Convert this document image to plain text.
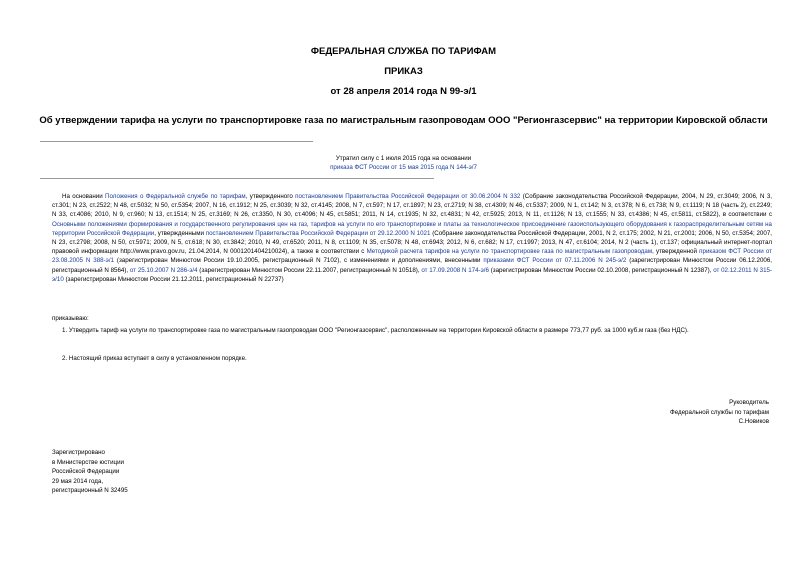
ФЕДЕРАЛЬНАЯ СЛУЖБА ПО ТАРИФАМ
ПРИКАЗ
от 28 апреля 2014 года N 99-э/1
Об утверждении тарифа на услуги по транспортировке газа по магистральным газопроводам ООО "Регионгазсервис" на территории Кировской области
Утратил силу с 1 июля 2015 года на основании
приказа ФСТ России от 15 мая 2015 года N 144-э/7
На основании Положения о Федеральной службе по тарифам, утвержденного постановлением Правительства Российской Федерации от 30.06.2004 N 332 (Собрание законодательства Российской Федерации, 2004, N 29, ст.3049; 2006, N 3, ст.301; N 23, ст.2522; N 48, ст.5032; N 50, ст.5354; 2007, N 16, ст.1912; N 25, ст.3039; N 32, ст.4145; 2008, N 7, ст.597; N 17, ст.1897; N 23, ст.2719; N 38, ст.4309; N 46, ст.5337; 2009, N 1, ст.142; N 3, ст.378; N 6, ст.738; N 9, ст.1119; N 18 (часть 2), ст.2249; N 33, ст.4086; 2010, N 9, ст.960; N 13, ст.1514; N 25, ст.3169; N 26, ст.3350, N 30, ст.4096; N 45, ст.5851; 2011, N 14, ст.1935; N 32, ст.4831; N 42, ст.5925; 2013, N 11, ст.1126; N 13, ст.1555; N 33, ст.4386; N 45, ст.5811, ст.5822), в соответствии с Основными положениями формирования и государственного регулирования цен на газ, тарифов на услуги по его транспортировке и платы за технологическое присоединение газоиспользующего оборудования к газораспределительным сетям на территории Российской Федерации, утвержденными постановлением Правительства Российской Федерации от 29.12.2000 N 1021 (Собрание законодательства Российской Федерации, 2001, N 2, ст.175; 2002, N 21, ст.2001; 2006, N 50, ст.5354; 2007, N 23, ст.2798; 2008, N 50, ст.5971; 2009, N 5, ст.618; N 30, ст.3842; 2010, N 49, ст.6520; 2011, N 8, ст.1109; N 35, ст.5078; N 48, ст.6943; 2012, N 6, ст.682; N 17, ст.1997; 2013, N 47, ст.6104; 2014, N 2 (часть 1), ст.137; официальный интернет-портал правовой информации http://www.pravo.gov.ru, 21.04.2014, N 0001201404210024), а также в соответствии с Методикой расчета тарифов на услуги по транспортировке газа по магистральным газопроводам, утвержденной приказом ФСТ России от 23.08.2005 N 388-э/1 (зарегистрирован Минюстом России 19.10.2005, регистрационный N 7102), с изменениями и дополнениями, внесенными приказами ФСТ России от 07.11.2006 N 245-э/2 (зарегистрирован Минюстом России 06.12.2006, регистрационный N 8564), от 25.10.2007 N 286-э/4 (зарегистрирован Минюстом России 22.11.2007, регистрационный N 10518), от 17.09.2008 N 174-э/6 (зарегистрирован Минюстом России 02.10.2008, регистрационный N 12387), от 02.12.2011 N 315-э/10 (зарегистрирован Минюстом России 21.12.2011, регистрационный N 22737)
приказываю:
1. Утвердить тариф на услуги по транспортировке газа по магистральным газопроводам ООО "Регионгазсервис", расположенным на территории Кировской области в размере 773,77 руб. за 1000 куб.м газа (без НДС).
2. Настоящий приказ вступает в силу в установленном порядке.
Руководитель
Федеральной службы по тарифам
С.Новиков
Зарегистрировано
в Министерстве юстиции
Российской Федерации
29 мая 2014 года,
регистрационный N 32495
